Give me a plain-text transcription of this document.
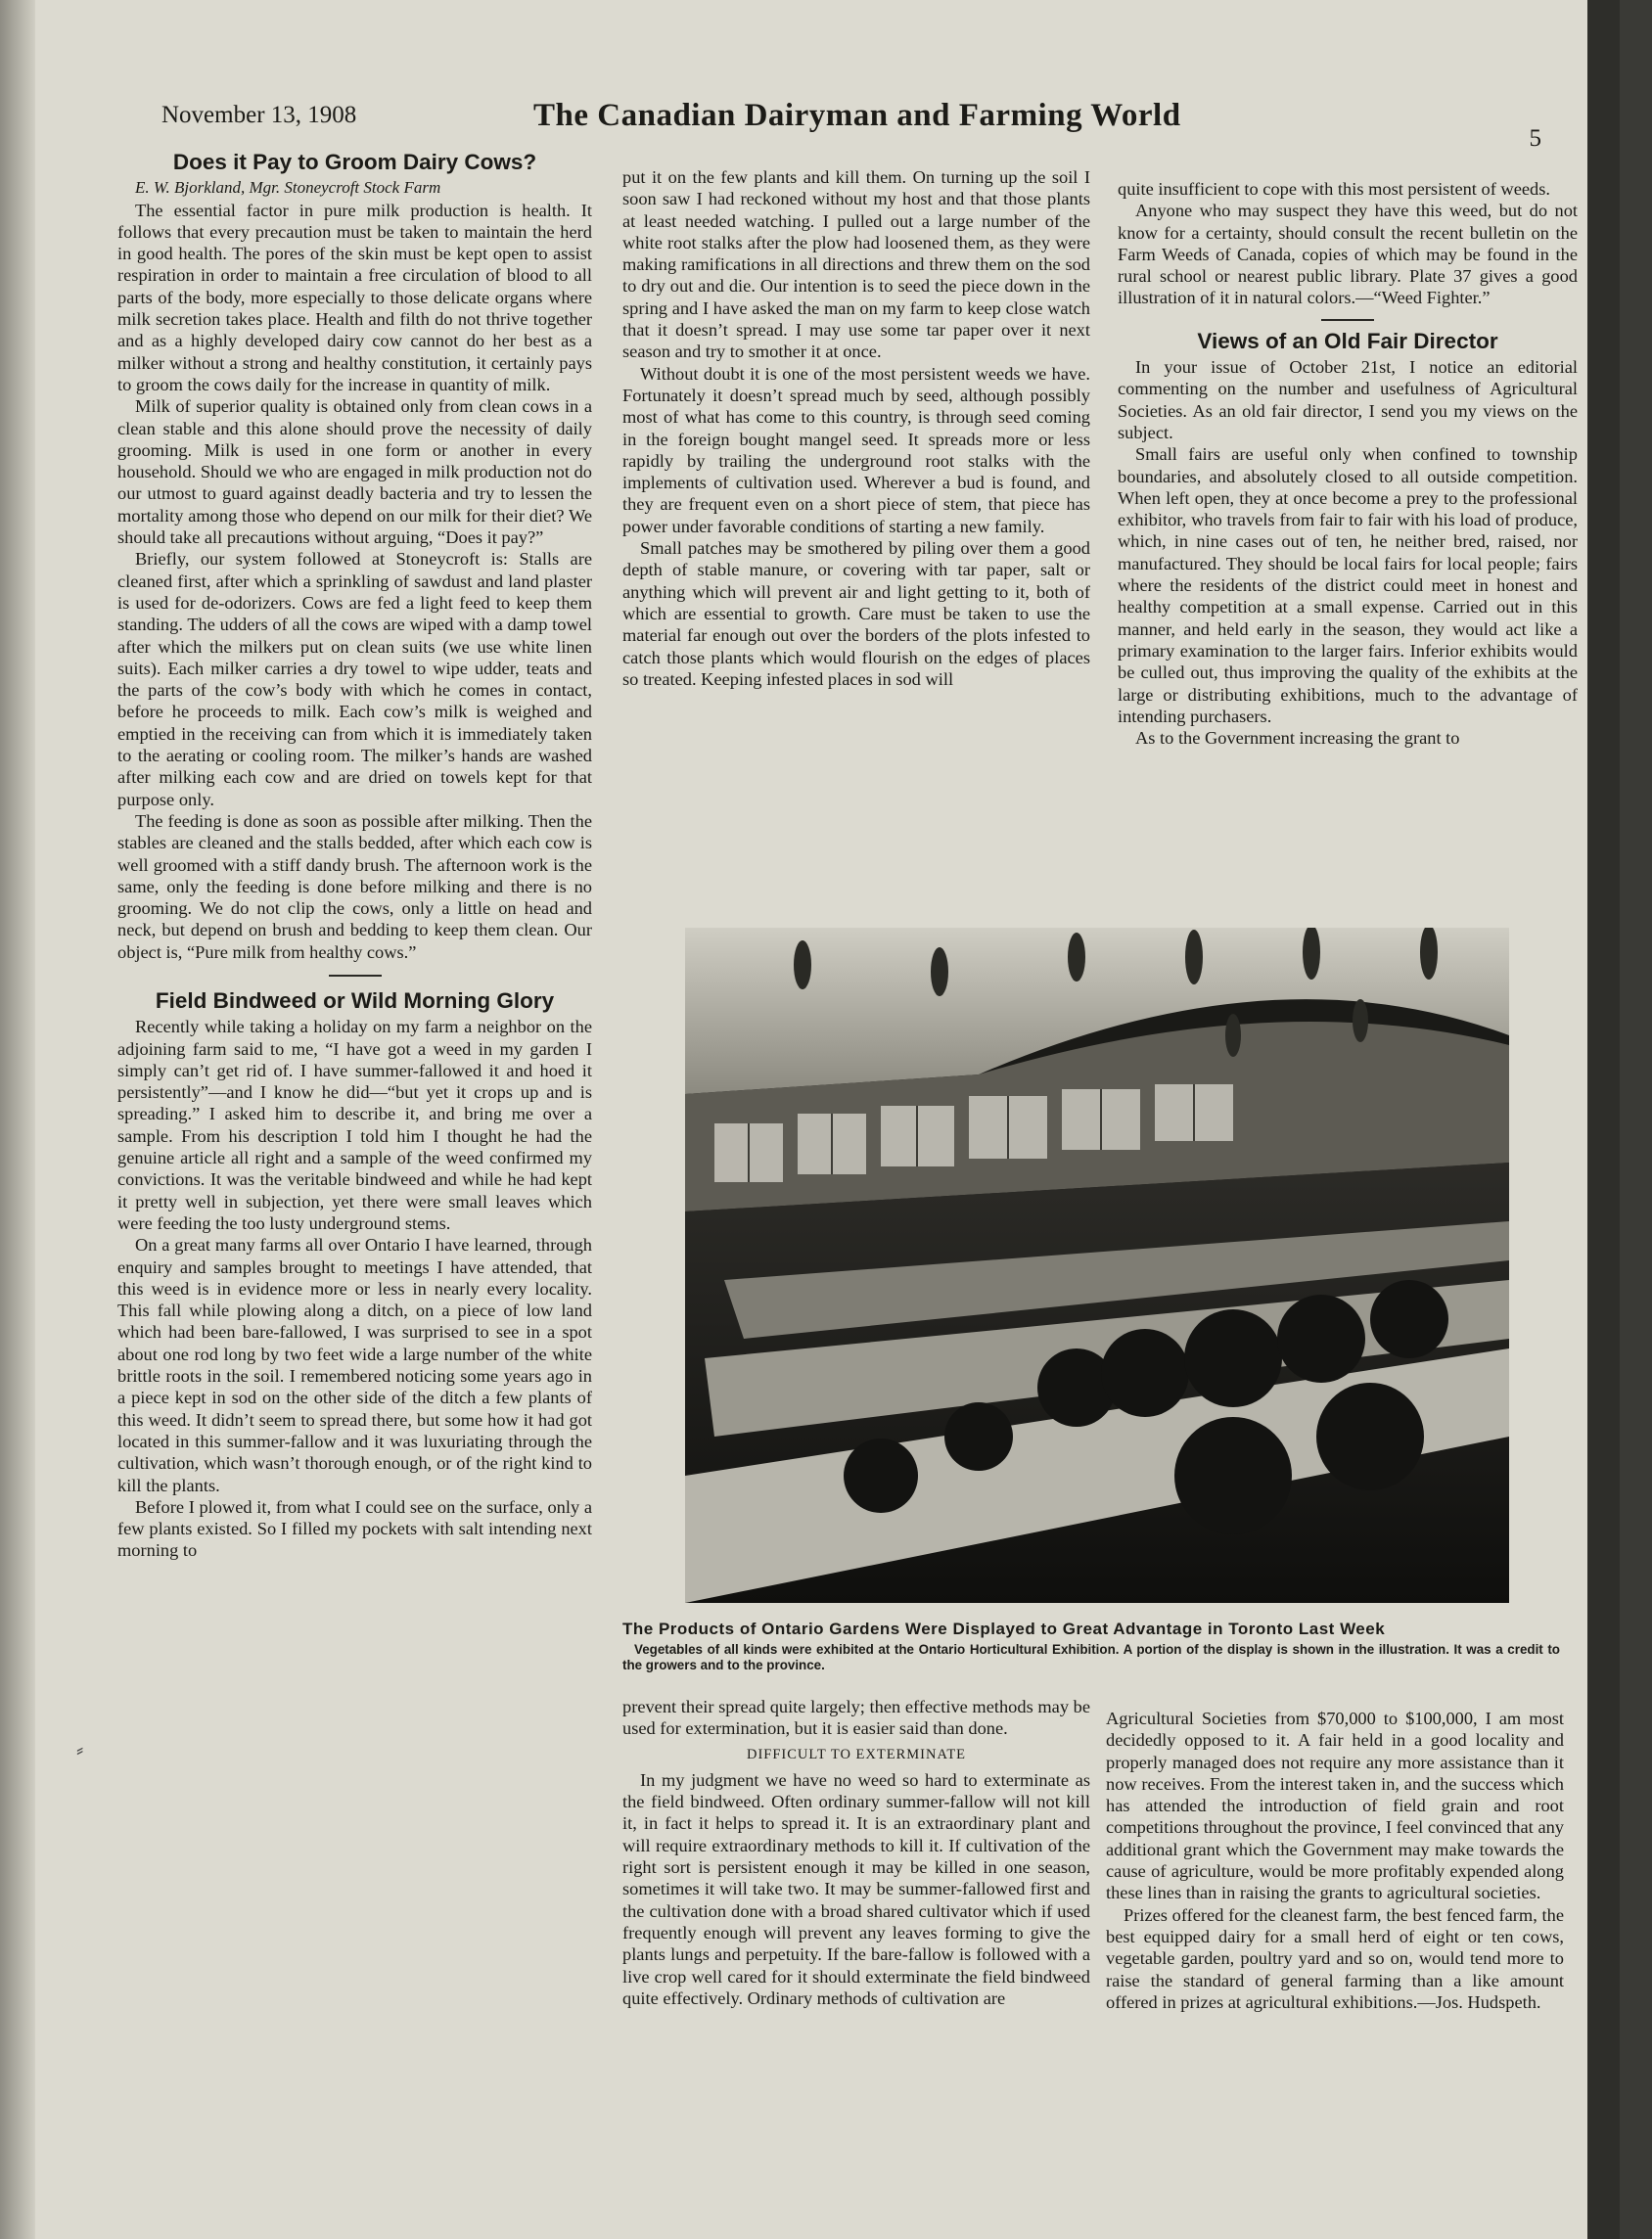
November 13, 1908	The Canadian Dairyman and Farming World
5
Does it Pay to Groom Dairy Cows?

E. W. Bjorkland, Mgr. Stoneycroft Stock Farm

The essential factor in pure milk production is health. It follows that every precaution must be taken to maintain the herd in good health. The pores of the skin must be kept open to assist respiration in order to maintain a free circulation of blood to all parts of the body, more especially to those delicate organs where milk secretion takes place. Health and filth do not thrive together and as a highly developed dairy cow cannot do her best as a milker without a strong and healthy constitution, it certainly pays to groom the cows daily for the increase in quantity of milk.

Milk of superior quality is obtained only from clean cows in a clean stable and this alone should prove the necessity of daily grooming. Milk is used in one form or another in every household. Should we who are engaged in milk production not do our utmost to guard against deadly bacteria and try to lessen the mortality among those who depend on our milk for their diet? We should take all precautions without arguing, “Does it pay?”

Briefly, our system followed at Stoneycroft is: Stalls are cleaned first, after which a sprinkling of sawdust and land plaster is used for de-odorizers. Cows are fed a light feed to keep them standing. The udders of all the cows are wiped with a damp towel after which the milkers put on clean suits (we use white linen suits). Each milker carries a dry towel to wipe udder, teats and the parts of the cow’s body with which he comes in contact, before he proceeds to milk. Each cow’s milk is weighed and emptied in the receiving can from which it is immediately taken to the aerating or cooling room. The milker’s hands are washed after milking each cow and are dried on towels kept for that purpose only.

The feeding is done as soon as possible after milking. Then the stables are cleaned and the stalls bedded, after which each cow is well groomed with a stiff dandy brush. The afternoon work is the same, only the feeding is done before milking and there is no grooming. We do not clip the cows, only a little on head and neck, but depend on brush and bedding to keep them clean. Our object is, “Pure milk from healthy cows.”

Field Bindweed or Wild Morning Glory

Recently while taking a holiday on my farm a neighbor on the adjoining farm said to me, “I have got a weed in my garden I simply can’t get rid of. I have summer-fallowed it and hoed it persistently”—and I know he did—“but yet it crops up and is spreading.” I asked him to describe it, and bring me over a sample. From his description I told him I thought he had the genuine article all right and a sample of the weed confirmed my convictions. It was the veritable bindweed and while he had kept it pretty well in subjection, yet there were small leaves which were feeding the too lusty underground stems.

On a great many farms all over Ontario I have learned, through enquiry and samples brought to meetings I have attended, that this weed is in evidence more or less in nearly every locality. This fall while plowing along a ditch, on a piece of low land which had been bare-fallowed, I was surprised to see in a spot about one rod long by two feet wide a large number of the white brittle roots in the soil. I remembered noticing some years ago in a piece kept in sod on the other side of the ditch a few plants of this weed. It didn’t seem to spread there, but some how it had got located in this summer-fallow and it was luxuriating through the cultivation, which wasn’t thorough enough, or of the right kind to kill the plants.

Before I plowed it, from what I could see on the surface, only a few plants existed. So I filled my pockets with salt intending next morning to

put it on the few plants and kill them. On turning up the soil I soon saw I had reckoned without my host and that those plants at least needed watching. I pulled out a large number of the white root stalks after the plow had loosened them, as they were making ramifications in all directions and threw them on the sod to dry out and die. Our intention is to seed the piece down in the spring and I have asked the man on my farm to keep close watch that it doesn’t spread. I may use some tar paper over it next season and try to smother it at once.

Without doubt it is one of the most persistent weeds we have. Fortunately it doesn’t spread much by seed, although possibly most of what has come to this country, is through seed coming in the foreign bought mangel seed. It spreads more or less rapidly by trailing the underground root stalks with the implements of cultivation used. Wherever a bud is found, and they are frequent even on a short piece of stem, that piece has power under favorable conditions of starting a new family.

Small patches may be smothered by piling over them a good depth of stable manure, or covering with tar paper, salt or anything which will prevent air and light getting to it, both of which are essential to growth. Care must be taken to use the material far enough out over the borders of the plots infested to catch those plants which would flourish on the edges of places so treated. Keeping infested places in sod will

quite insufficient to cope with this most persistent of weeds.

Anyone who may suspect they have this weed, but do not know for a certainty, should consult the recent bulletin on the Farm Weeds of Canada, copies of which may be found in the rural school or nearest public library. Plate 37 gives a good illustration of it in natural colors.—“Weed Fighter.”

Views of an Old Fair Director

In your issue of October 21st, I notice an editorial commenting on the number and usefulness of Agricultural Societies. As an old fair director, I send you my views on the subject.

Small fairs are useful only when confined to township boundaries, and absolutely closed to all outside competition. When left open, they at once become a prey to the professional exhibitor, who travels from fair to fair with his load of produce, which, in nine cases out of ten, he neither bred, raised, nor manufactured. They should be local fairs for local people; fairs where the residents of the district could meet in honest and healthy competition at a small expense. Carried out in this manner, and held early in the season, they would act like a primary examination to the larger fairs. Inferior exhibits would be culled out, thus improving the quality of the exhibits at the large or distributing exhibitions, much to the advantage of intending purchasers.

As to the Government increasing the grant to

The Products of Ontario Gardens Were Displayed to Great Advantage in Toronto Last Week

Vegetables of all kinds were exhibited at the Ontario Horticultural Exhibition. A portion of the display is shown in the illustration. It was a credit to the growers and to the province.

prevent their spread quite largely; then effective methods may be used for extermination, but it is easier said than done.

DIFFICULT TO EXTERMINATE

In my judgment we have no weed so hard to exterminate as the field bindweed. Often ordinary summer-fallow will not kill it, in fact it helps to spread it. It is an extraordinary plant and will require extraordinary methods to kill it. If cultivation of the right sort is persistent enough it may be killed in one season, sometimes it will take two. It may be summer-fallowed first and the cultivation done with a broad shared cultivator which if used frequently enough will prevent any leaves forming to give the plants lungs and perpetuity. If the bare-fallow is followed with a live crop well cared for it should exterminate the field bindweed quite effectively. Ordinary methods of cultivation are

Agricultural Societies from $70,000 to $100,000, I am most decidedly opposed to it. A fair held in a good locality and properly managed does not require any more assistance than it now receives. From the interest taken in, and the success which has attended the introduction of field grain and root competitions throughout the province, I feel convinced that any additional grant which the Government may make towards the cause of agriculture, would be more profitably expended along these lines than in raising the grants to agricultural societies.

Prizes offered for the cleanest farm, the best fenced farm, the best equipped dairy for a small herd of eight or ten cows, vegetable garden, poultry yard and so on, would tend more to raise the standard of general farming than a like amount offered in prizes at agricultural exhibitions.—Jos. Hudspeth.

⸗
